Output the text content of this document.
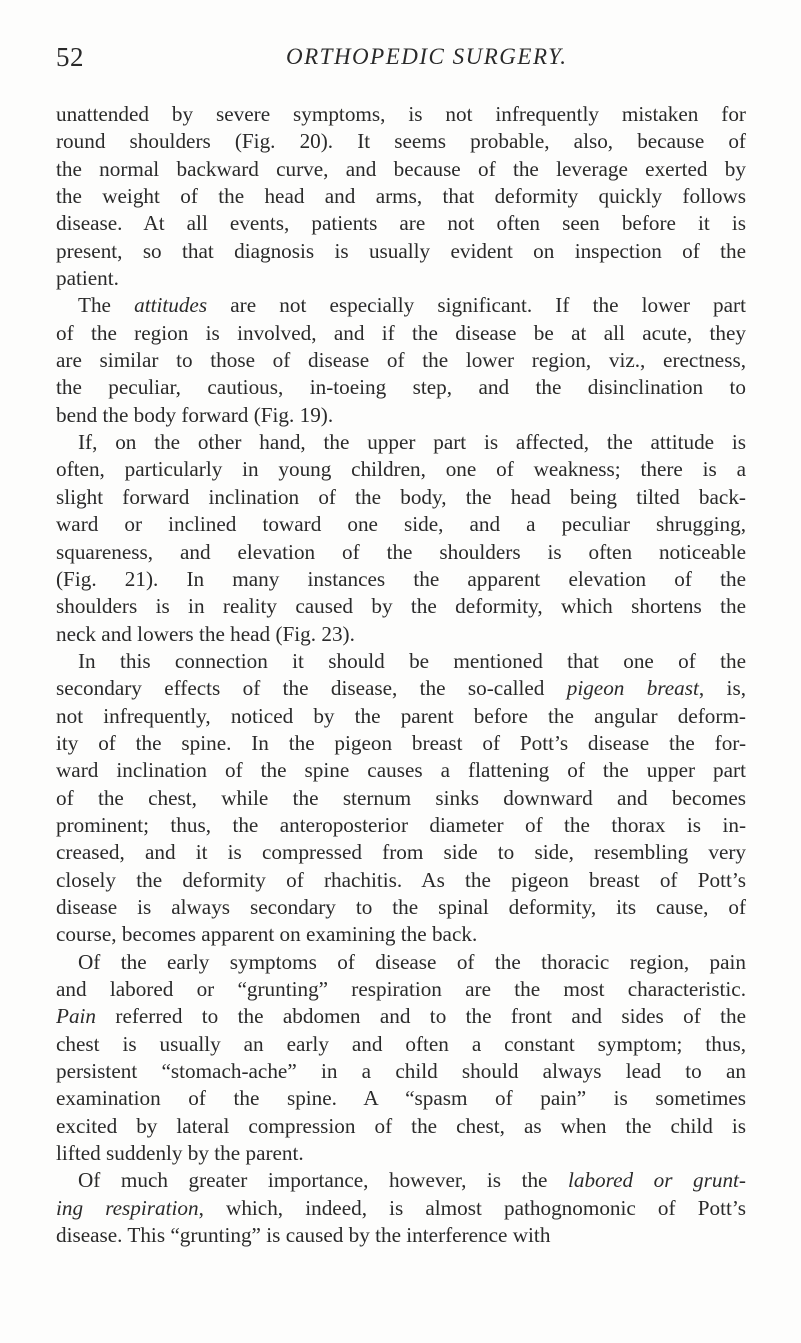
52	ORTHOPEDIC SURGERY.
unattended by severe symptoms, is not infrequently mistaken for
round shoulders (Fig. 20). It seems probable, also, because of
the normal backward curve, and because of the leverage exerted by
the weight of the head and arms, that deformity quickly follows
disease. At all events, patients are not often seen before it is
present, so that diagnosis is usually evident on inspection of the
patient.
The attitudes are not especially significant. If the lower part
of the region is involved, and if the disease be at all acute, they
are similar to those of disease of the lower region, viz., erectness,
the peculiar, cautious, in-toeing step, and the disinclination to
bend the body forward (Fig. 19).
If, on the other hand, the upper part is affected, the attitude is
often, particularly in young children, one of weakness; there is a
slight forward inclination of the body, the head being tilted back-
ward or inclined toward one side, and a peculiar shrugging,
squareness, and elevation of the shoulders is often noticeable
(Fig. 21). In many instances the apparent elevation of the
shoulders is in reality caused by the deformity, which shortens the
neck and lowers the head (Fig. 23).
In this connection it should be mentioned that one of the
secondary effects of the disease, the so-called pigeon breast, is,
not infrequently, noticed by the parent before the angular deform-
ity of the spine. In the pigeon breast of Pott’s disease the for-
ward inclination of the spine causes a flattening of the upper part
of the chest, while the sternum sinks downward and becomes
prominent; thus, the anteroposterior diameter of the thorax is in-
creased, and it is compressed from side to side, resembling very
closely the deformity of rhachitis. As the pigeon breast of Pott’s
disease is always secondary to the spinal deformity, its cause, of
course, becomes apparent on examining the back.
Of the early symptoms of disease of the thoracic region, pain
and labored or “grunting” respiration are the most characteristic.
Pain referred to the abdomen and to the front and sides of the
chest is usually an early and often a constant symptom; thus,
persistent “stomach-ache” in a child should always lead to an
examination of the spine. A “spasm of pain” is sometimes
excited by lateral compression of the chest, as when the child is
lifted suddenly by the parent.
Of much greater importance, however, is the labored or grunt-
ing respiration, which, indeed, is almost pathognomonic of Pott’s
disease. This “grunting” is caused by the interference with
